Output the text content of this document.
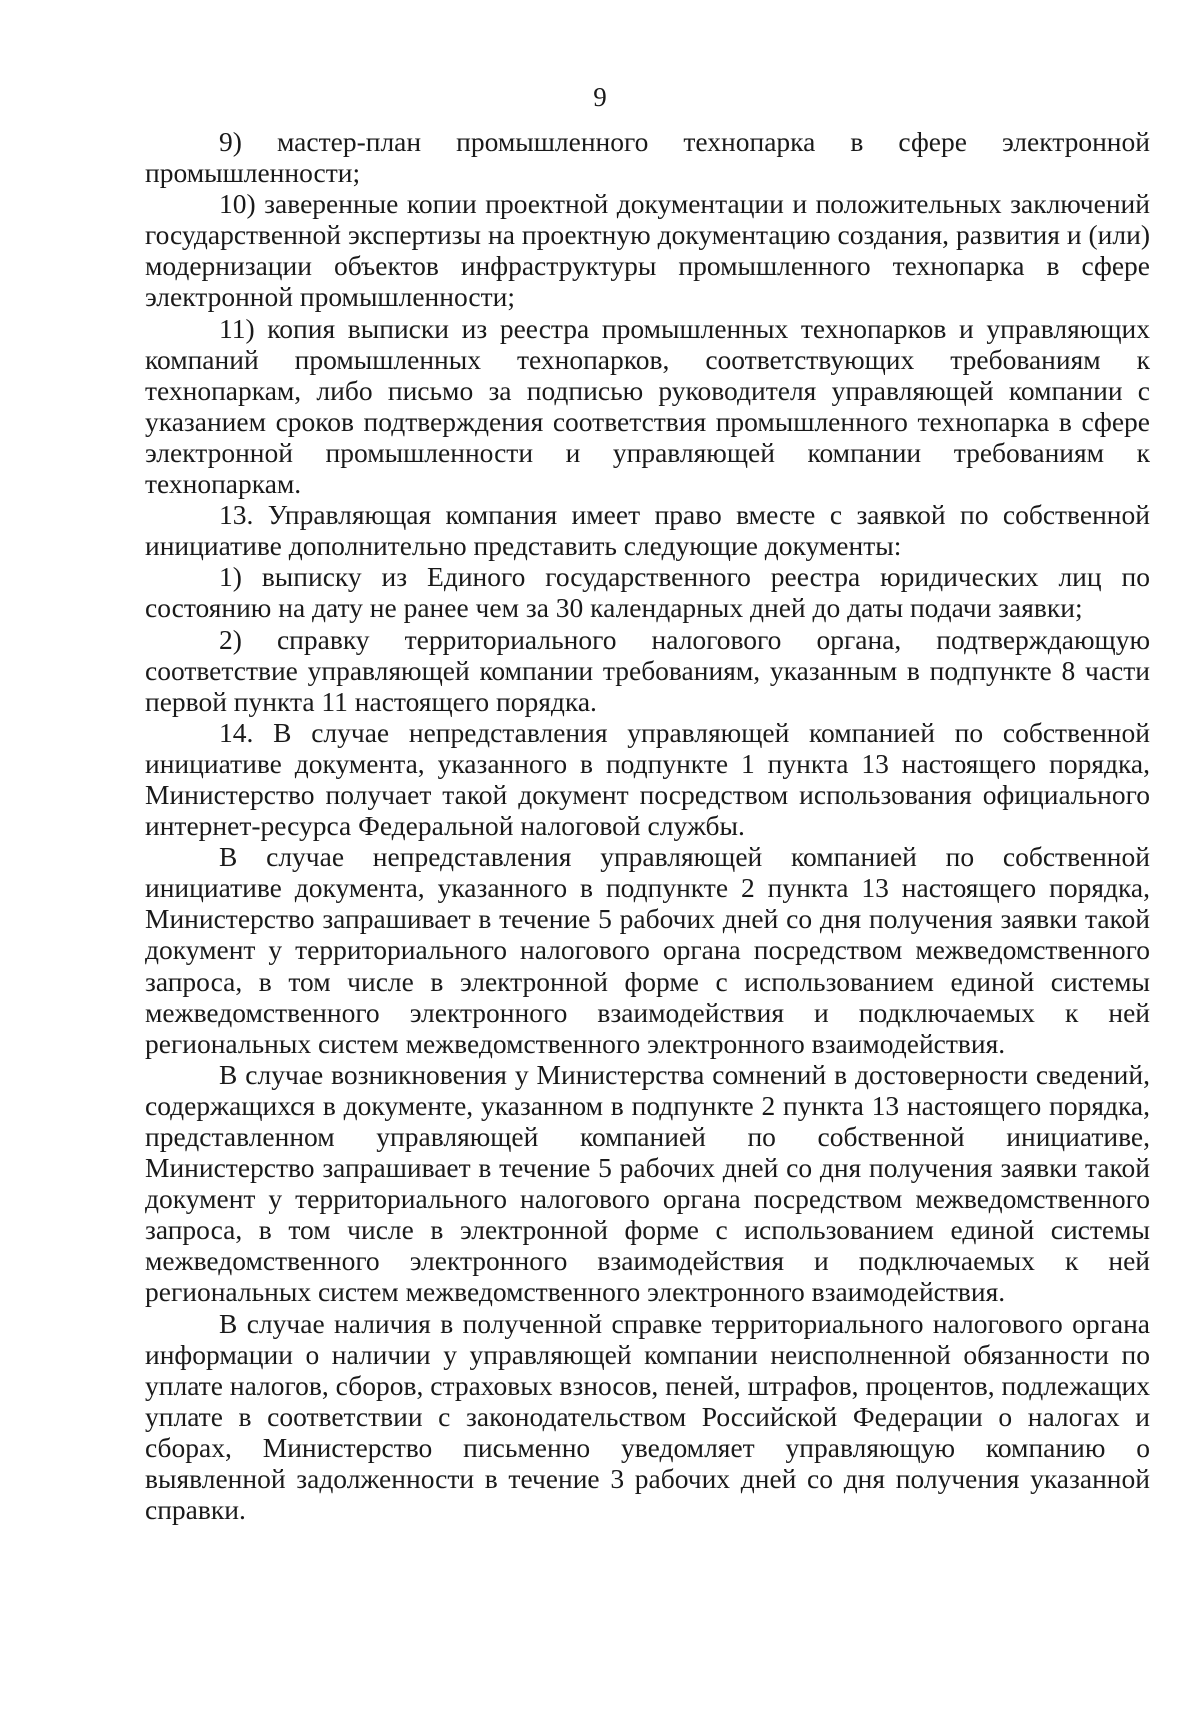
9

9) мастер-план промышленного технопарка в сфере электронной промышленности;

10) заверенные копии проектной документации и положительных заключений государственной экспертизы на проектную документацию создания, развития и (или) модернизации объектов инфраструктуры промышленного технопарка в сфере электронной промышленности;

11) копия выписки из реестра промышленных технопарков и управляющих компаний промышленных технопарков, соответствующих требованиям к технопаркам, либо письмо за подписью руководителя управляющей компании с указанием сроков подтверждения соответствия промышленного технопарка в сфере электронной промышленности и управляющей компании требованиям к технопаркам.

13. Управляющая компания имеет право вместе с заявкой по собственной инициативе дополнительно представить следующие документы:

1) выписку из Единого государственного реестра юридических лиц по состоянию на дату не ранее чем за 30 календарных дней до даты подачи заявки;

2) справку территориального налогового органа, подтверждающую соответствие управляющей компании требованиям, указанным в подпункте 8 части первой пункта 11 настоящего порядка.

14. В случае непредставления управляющей компанией по собственной инициативе документа, указанного в подпункте 1 пункта 13 настоящего порядка, Министерство получает такой документ посредством использования официального интернет-ресурса Федеральной налоговой службы.

В случае непредставления управляющей компанией по собственной инициативе документа, указанного в подпункте 2 пункта 13 настоящего порядка, Министерство запрашивает в течение 5 рабочих дней со дня получения заявки такой документ у территориального налогового органа посредством межведомственного запроса, в том числе в электронной форме с использованием единой системы межведомственного электронного взаимодействия и подключаемых к ней региональных систем межведомственного электронного взаимодействия.

В случае возникновения у Министерства сомнений в достоверности сведений, содержащихся в документе, указанном в подпункте 2 пункта 13 настоящего порядка, представленном управляющей компанией по собственной инициативе, Министерство запрашивает в течение 5 рабочих дней со дня получения заявки такой документ у территориального налогового органа посредством межведомственного запроса, в том числе в электронной форме с использованием единой системы межведомственного электронного взаимодействия и подключаемых к ней региональных систем межведомственного электронного взаимодействия.

В случае наличия в полученной справке территориального налогового органа информации о наличии у управляющей компании неисполненной обязанности по уплате налогов, сборов, страховых взносов, пеней, штрафов, процентов, подлежащих уплате в соответствии с законодательством Российской Федерации о налогах и сборах, Министерство письменно уведомляет управляющую компанию о выявленной задолженности в течение 3 рабочих дней со дня получения указанной справки.
